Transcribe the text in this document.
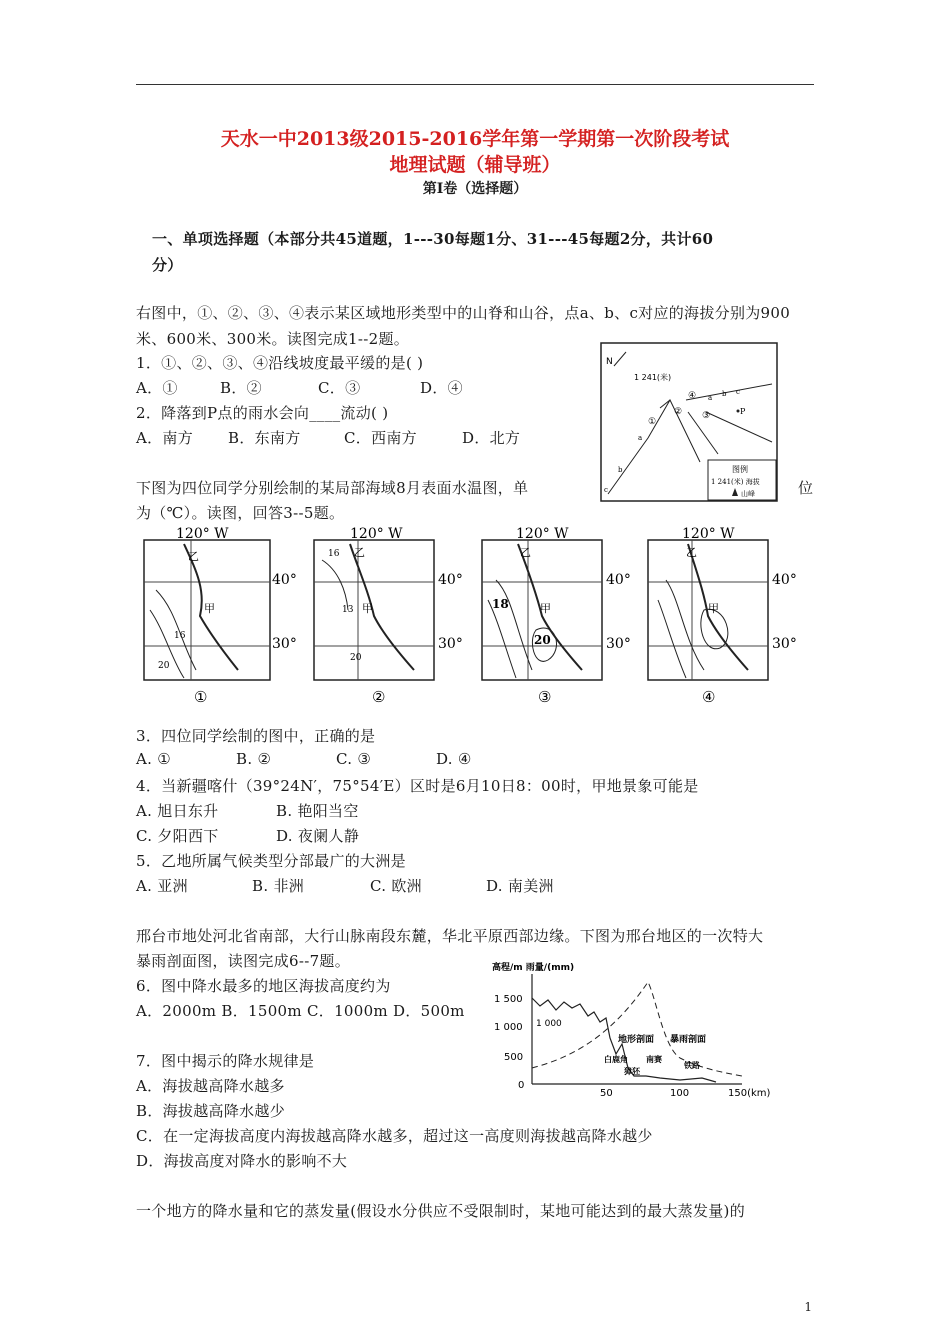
天水一中2013级2015-2016学年第一学期第一次阶段考试
地理试题（辅导班）
第I卷（选择题）
一、单项选择题（本部分共45道题，1---30每题1分、31---45每题2分，共计60
分）
右图中，①、②、③、④表示某区域地形类型中的山脊和山谷，点a、b、c对应的海拔分别为900
米、600米、300米。读图完成1--2题。
1．①、②、③、④沿线坡度最平缓的是( )
A．①	B．②	C．③	D．④
2．降落到P点的雨水会向____流动( )
A．南方 B．东南方	C．西南方	D．北方
N
1 241(米)
④
①
② ③
a b c
P
a
b
c
图例
1 241(米) 海拔
山峰
下图为四位同学分别绘制的某局部海域8月表面水温图，单	位
为（℃）。读图，回答3--5题。
120° W
乙
甲
16
20
①
120° W
40°
30°
16 乙
13 甲
20
②
120° W
40°
30°
乙
甲
18
20
③
120° W
40°
30°
乙
甲
④
40°
30°
3．四位同学绘制的图中，正确的是
A. ①	B. ②	C. ③	D. ④
4．当新疆喀什（39°24N′，75°54′E）区时是6月10日8：00时，甲地景象可能是
A. 旭日东升	B. 艳阳当空
C. 夕阳西下	D. 夜阑人静
5．乙地所属气候类型分部最广的大洲是
A. 亚洲	B. 非洲	C. 欧洲	D. 南美洲
邢台市地处河北省南部，大行山脉南段东麓，华北平原西部边缘。下图为邢台地区的一次特大
暴雨剖面图，读图完成6--7题。
6．图中降水最多的地区海拔高度约为
A．2000m B．1500m C．1000m D．500m
高程/m 雨量/(mm)
1 500
1 000
500
0
1 000
50	100	150(km)
地形剖面 暴雨剖面
白鹿角 南赛
獐狉
铁路
7．图中揭示的降水规律是
A．海拔越高降水越多
B．海拔越高降水越少
C．在一定海拔高度内海拔越高降水越多，超过这一高度则海拔越高降水越少
D．海拔高度对降水的影响不大
一个地方的降水量和它的蒸发量(假设水分供应不受限制时，某地可能达到的最大蒸发量)的
1
